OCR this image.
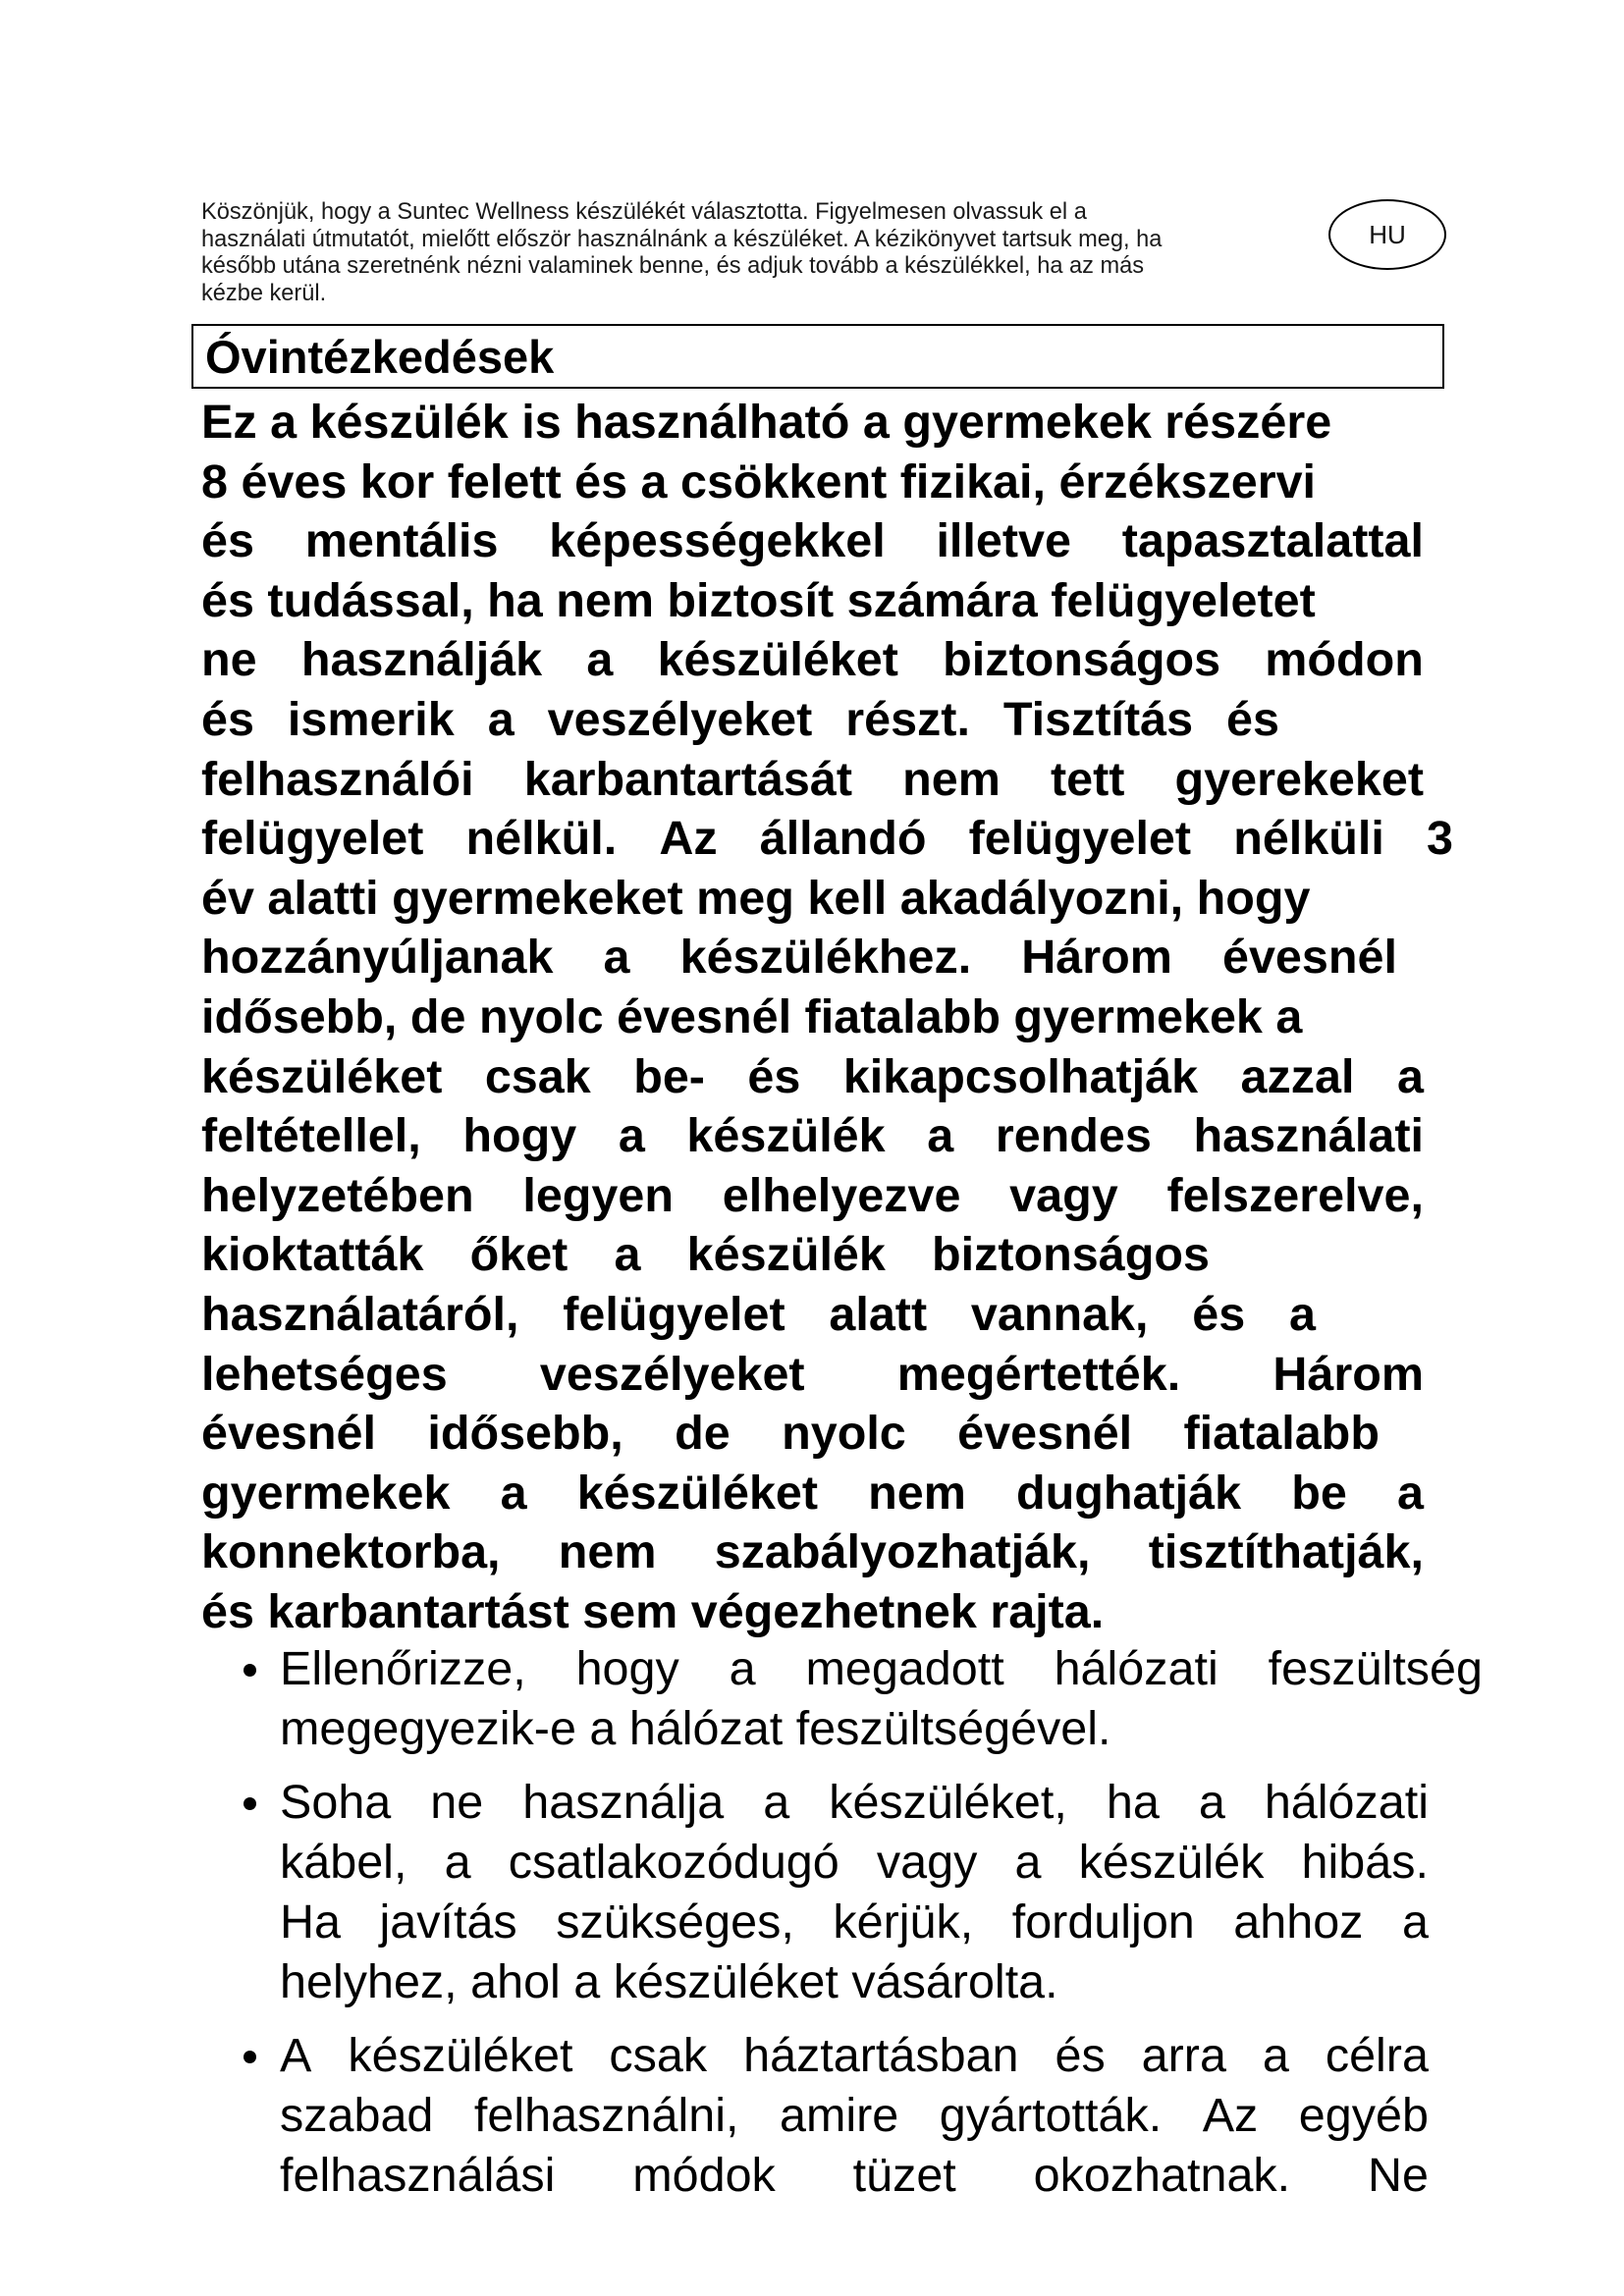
Köszönjük, hogy a Suntec Wellness készülékét választotta. Figyelmesen olvassuk el a
használati útmutatót, mielőtt először használnánk a készüléket. A kézikönyvet tartsuk meg, ha
később utána szeretnénk nézni valaminek benne, és adjuk tovább a készülékkel, ha az más
kézbe kerül.
HU
Óvintézkedések
Ez a készülék is használható a gyermekek részére
8 éves kor felett és a csökkent fizikai, érzékszervi
és mentális képességekkel illetve tapasztalattal
és tudással, ha nem biztosít számára felügyeletet
ne használják a készüléket biztonságos módon
és ismerik a veszélyeket részt. Tisztítás és
felhasználói karbantartását nem tett gyerekeket
felügyelet nélkül. Az állandó felügyelet nélküli 3
év alatti gyermekeket meg kell akadályozni, hogy
hozzányúljanak a készülékhez. Három évesnél
idősebb, de nyolc évesnél fiatalabb gyermekek a
készüléket csak be- és kikapcsolhatják azzal a
feltétellel, hogy a készülék a rendes használati
helyzetében legyen elhelyezve vagy felszerelve,
kioktatták őket a készülék biztonságos
használatáról, felügyelet alatt vannak, és a
lehetséges veszélyeket megértették. Három
évesnél idősebb, de nyolc évesnél fiatalabb
gyermekek a készüléket nem dughatják be a
konnektorba, nem szabályozhatják, tisztíthatják,
és karbantartást sem végezhetnek rajta.
Ellenőrizze, hogy a megadott hálózati feszültség
megegyezik-e a hálózat feszültségével.
Soha ne használja a készüléket, ha a hálózati
kábel, a csatlakozódugó vagy a készülék hibás.
Ha javítás szükséges, kérjük, forduljon ahhoz a
helyhez, ahol a készüléket vásárolta.
A készüléket csak háztartásban és arra a célra
szabad felhasználni, amire gyártották. Az egyéb
felhasználási módok tüzet okozhatnak. Ne
